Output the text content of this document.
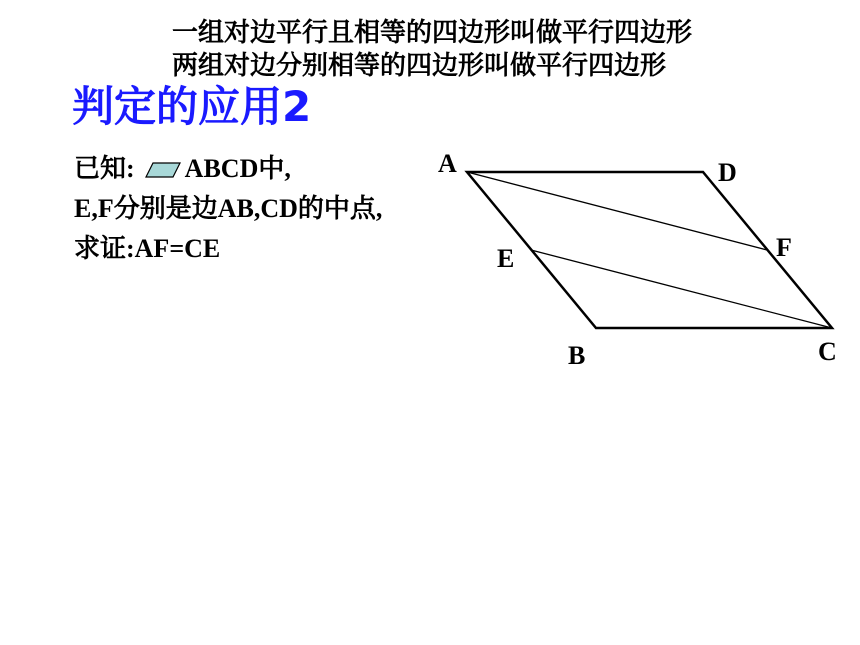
一组对边平行且相等的四边形叫做平行四边形
两组对边分别相等的四边形叫做平行四边形
判定的应用2
已知: ABCD中,
E,F分别是边AB,CD的中点,
求证:AF=CE
A	D
F
E
B	C
